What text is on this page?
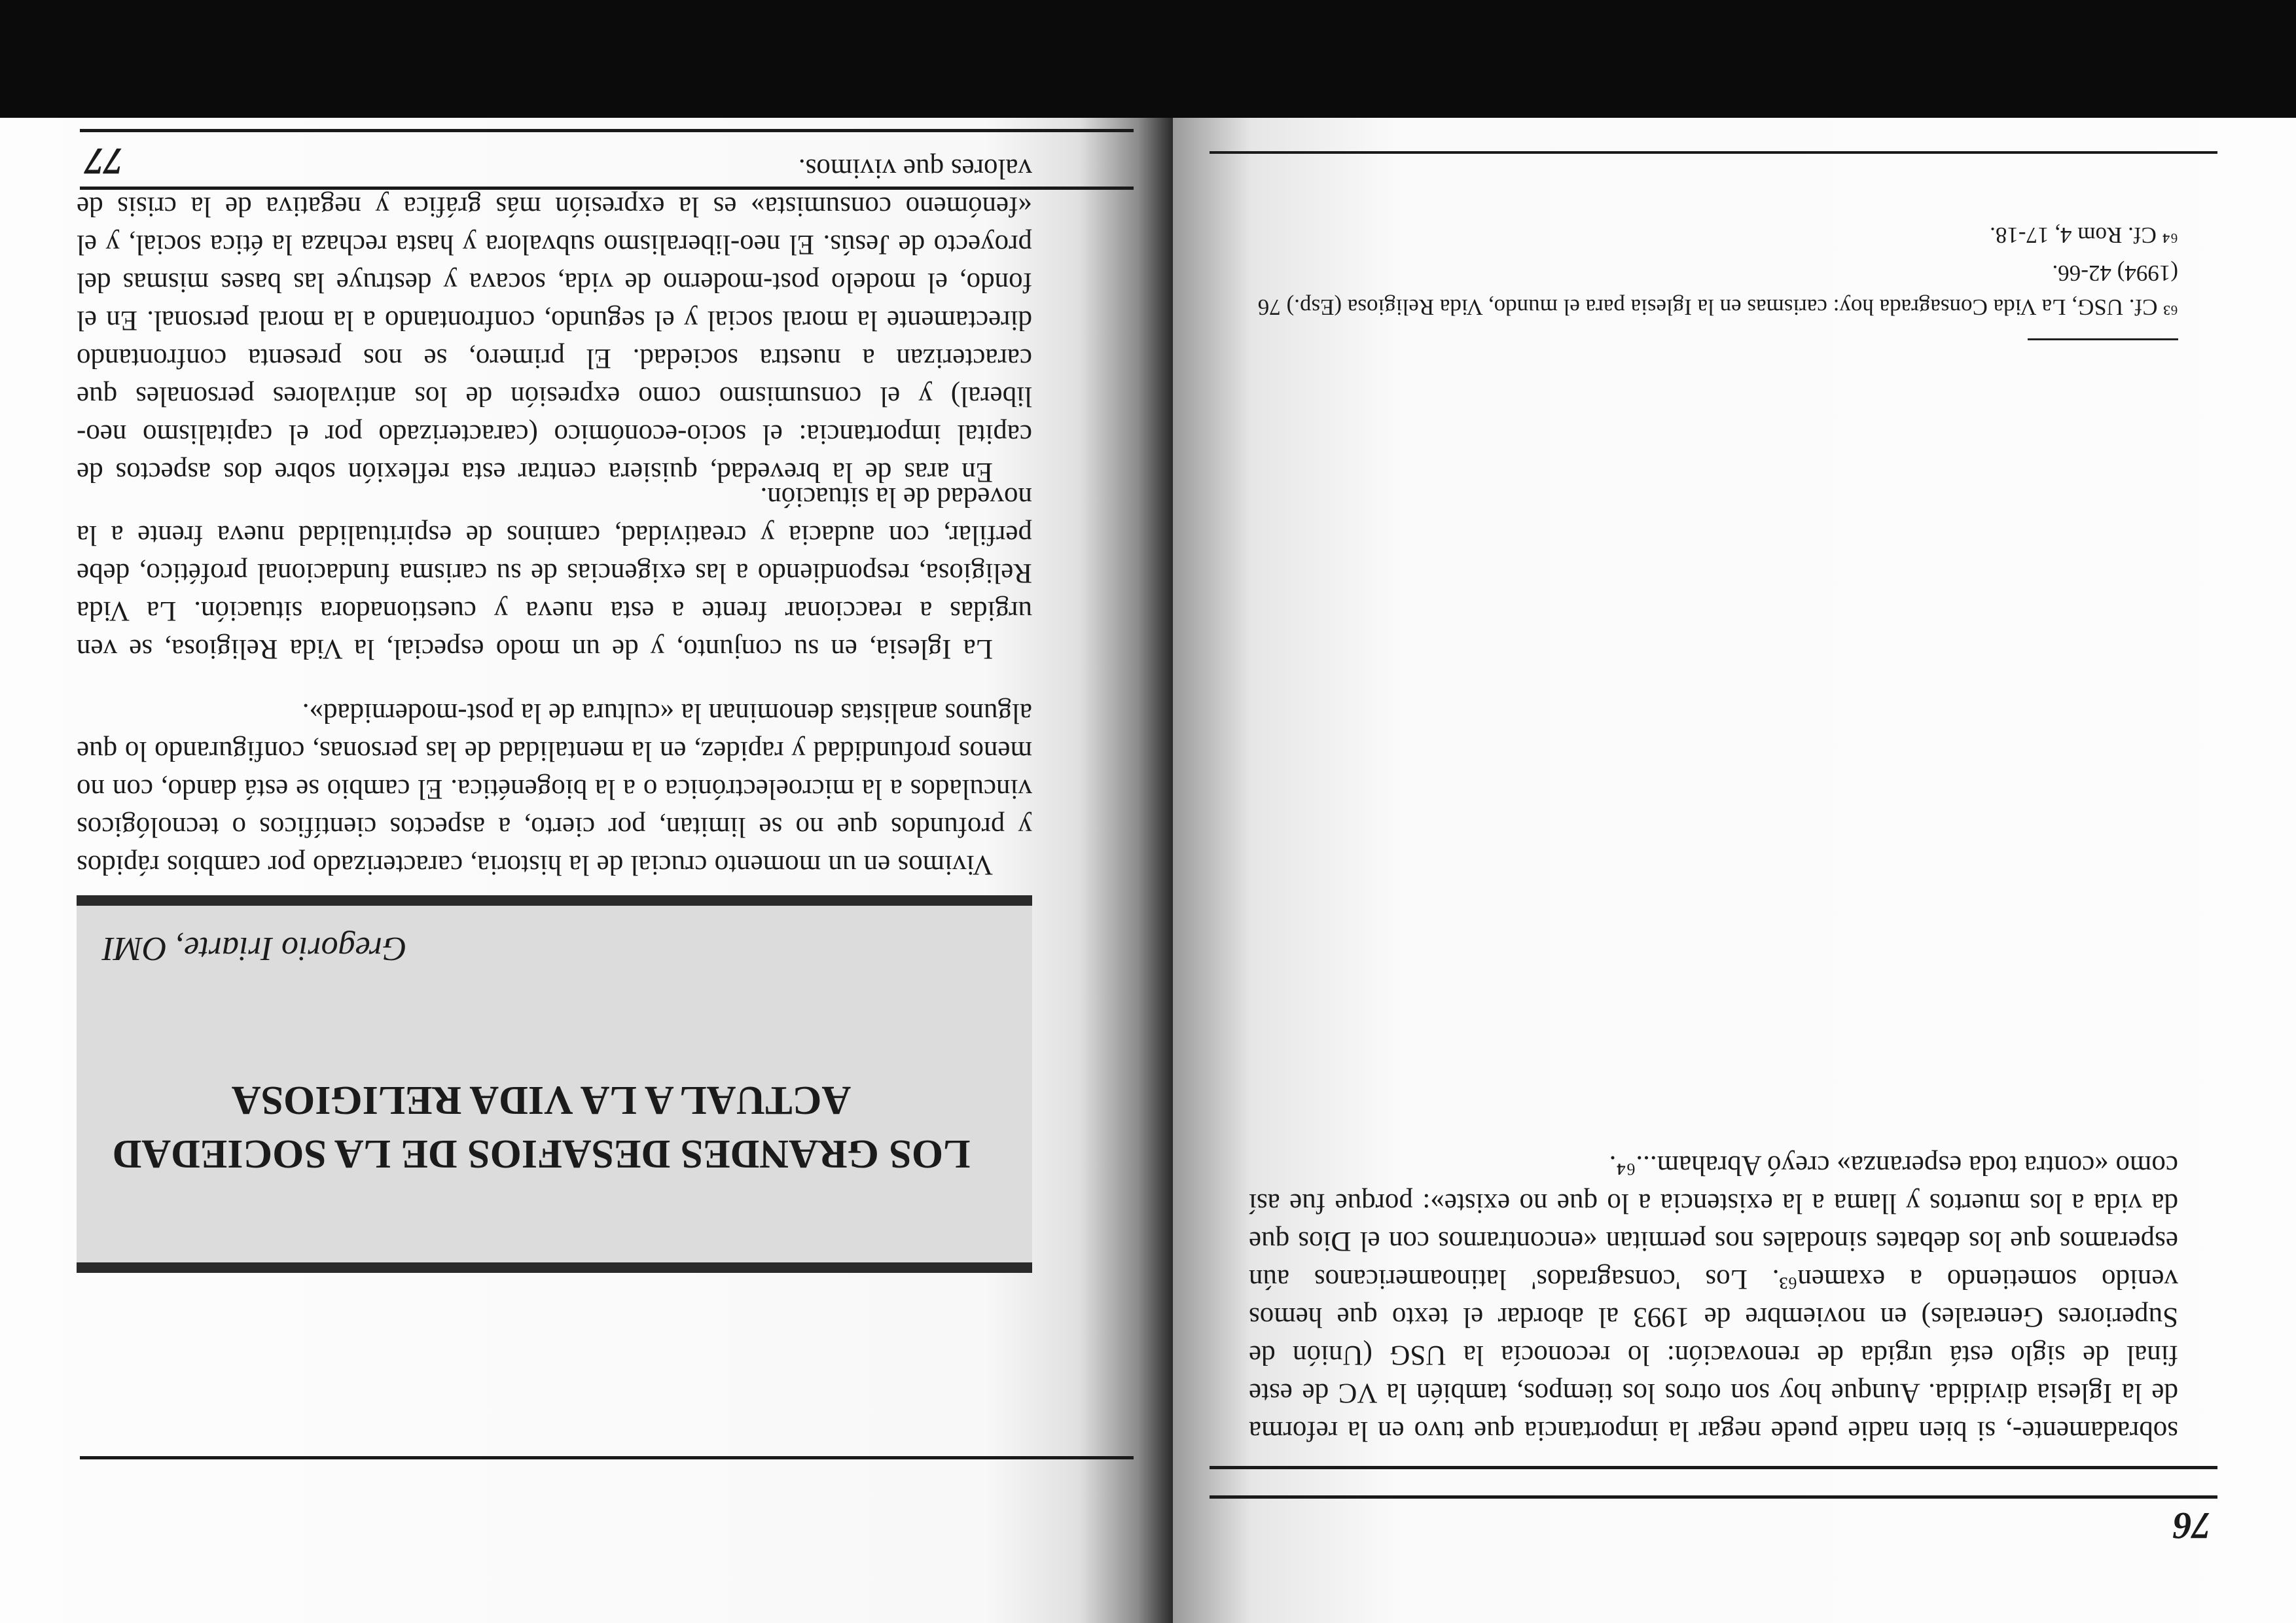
76

sobradamente-, si bien nadie puede negar la importancia que tuvo en la reforma de la Iglesia dividida. Aunque hoy son otros los tiempos, también la VC de este final de siglo está urgida de renovación: lo reconocía la USG (Unión de Superiores Generales) en noviembre de 1993 al abordar el texto que hemos venido sometiendo a examen⁶³. Los 'consagrados' latinoamericanos aún esperamos que los debates sinodales nos permitan «encontrarnos con el Dios que da vida a los muertos y llama a la existencia a lo que no existe»: porque fue así como «contra toda esperanza» creyó Abraham...⁶⁴.

⁶³ Cf. USG, La Vida Consagrada hoy: carismas en la Iglesia para el mundo, Vida Religiosa (Esp.) 76 (1994) 42-66.

⁶⁴ Cf. Rom 4, 17-18.

LOS GRANDES DESAFIOS DE LA SOCIEDAD ACTUAL A LA VIDA RELIGIOSA
Gregorio Iriarte, OMI

Vivimos en un momento crucial de la historia, caracterizado por cambios rápidos y profundos que no se limitan, por cierto, a aspectos científicos o tecnológicos vinculados a la microelectrónica o a la biogenética. El cambio se está dando, con no menos profundidad y rapidez, en la mentalidad de las personas, configurando lo que algunos analistas denominan la «cultura de la post-modernidad».

La Iglesia, en su conjunto, y de un modo especial, la Vida Religiosa, se ven urgidas a reaccionar frente a esta nueva y cuestionadora situación. La Vida Religiosa, respondiendo a las exigencias de su carisma fundacional profético, debe perfilar, con audacia y creatividad, caminos de espiritualidad nueva frente a la novedad de la situación.

En aras de la brevedad, quisiera centrar esta reflexión sobre dos aspectos de capital importancia: el socio-económico (caracterizado por el capitalismo neo-liberal) y el consumismo como expresión de los antivalores personales que caracterizan a nuestra sociedad. El primero, se nos presenta confrontando directamente la moral social y el segundo, confrontando a la moral personal. En el fondo, el modelo post-moderno de vida, socava y destruye las bases mismas del proyecto de Jesús. El neo-liberalismo subvalora y hasta rechaza la ética social, y el «fenómeno consumista» es la expresión más gráfica y negativa de la crisis de valores que vivimos.

77
